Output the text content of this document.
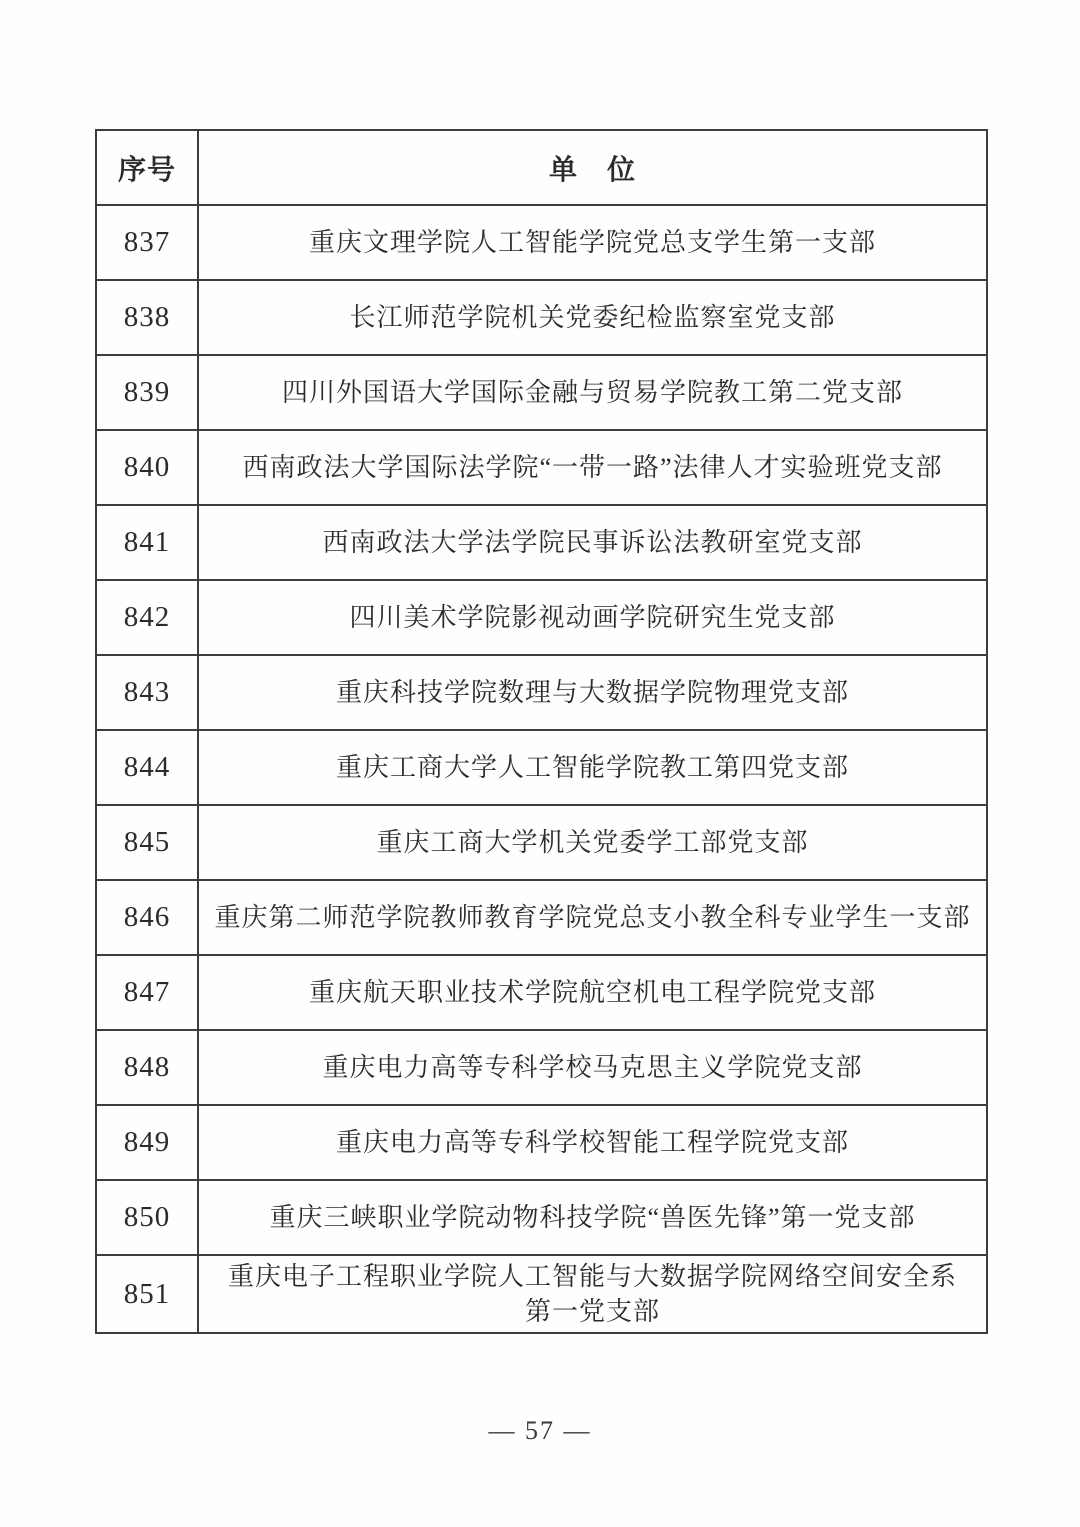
序号	单　位
837	重庆文理学院人工智能学院党总支学生第一支部
838	长江师范学院机关党委纪检监察室党支部
839	四川外国语大学国际金融与贸易学院教工第二党支部
840	西南政法大学国际法学院“一带一路”法律人才实验班党支部
841	西南政法大学法学院民事诉讼法教研室党支部
842	四川美术学院影视动画学院研究生党支部
843	重庆科技学院数理与大数据学院物理党支部
844	重庆工商大学人工智能学院教工第四党支部
845	重庆工商大学机关党委学工部党支部
846	重庆第二师范学院教师教育学院党总支小教全科专业学生一支部
847	重庆航天职业技术学院航空机电工程学院党支部
848	重庆电力高等专科学校马克思主义学院党支部
849	重庆电力高等专科学校智能工程学院党支部
850	重庆三峡职业学院动物科技学院“兽医先锋”第一党支部
851	重庆电子工程职业学院人工智能与大数据学院网络空间安全系第一党支部
— 57 —
